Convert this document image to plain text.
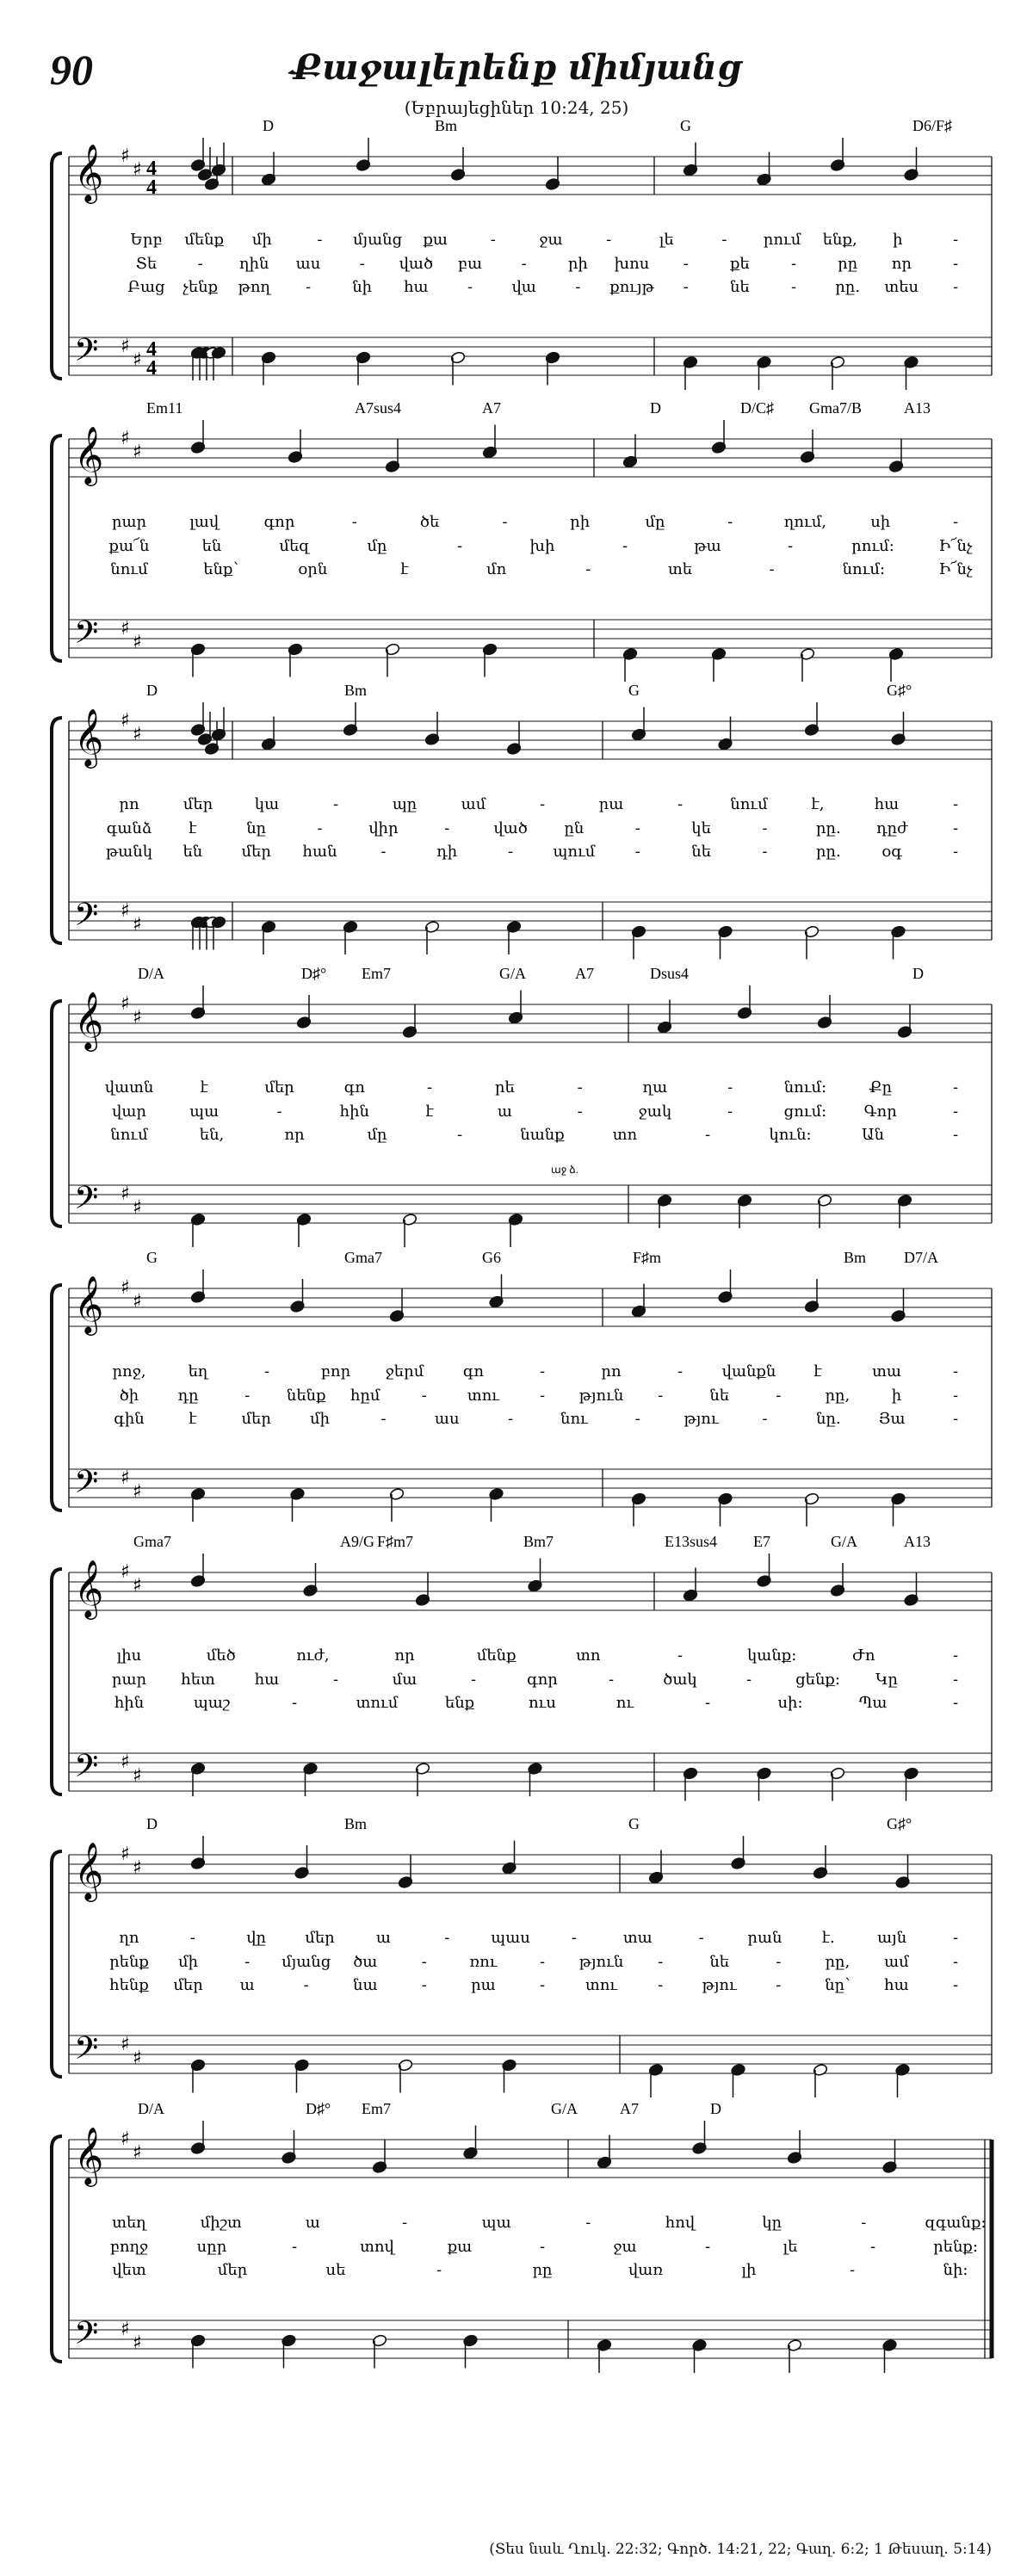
90	Քաջալերենք միմյանց
(Եբրայեցիներ 10:24, 25)
𝄞
𝄢
♯
♯
♯
♯
4
4
4
4
D	Bm	G	D6/F♯
Երբ մենք մի	- մյանց քա	-	ջա	-	լե	- րում ենք, ի	-
Տե	- ղին աս	- ված բա	-	րի խոս -	քե	-	րը որ	-
Բաց չենք թող -	նի հա	-	վա	- քույթ -	նե	-	րը. տես -
𝄞
𝄢
♯
♯
♯
♯
Em11	A7sus4	A7	D	D/C♯ Gma7/B	A13
րար	լավ	գոր	-	ծե	-	րի	մը	-	ղում,	սի	-
քա՜ն	են	մեզ	մը	-	խի	-	թա	-	րում:	Ի՜նչ
նում	ենք՝	օրն	է	մո	-	տե	-	նում:	Ի՜նչ
𝄞
𝄢
♯
♯
♯
♯
D	Bm	G	G♯°
րո	մեր	կա	-	պը	ամ	-	րա	-	նում	է,	հա	-
գանձ է	նը	-	վիր	-	ված ըն	-	կե	-	րը. դըժ	-
թանկ են	մեր հան	-	դի	-	պում	-	նե	-	րը.	օգ	-
𝄞
𝄢
♯
♯
♯
♯
D/A	D♯° Em7	G/A	A7	Dsus4	D
աջ ձ.
վատն	է	մեր	գո	-	րե	-	ղա	-	նում:	Քը	-
վար	պա	-	հին	է	ա	-	ջակ	-	ցում: Գոր	-
նում	են,	որ	մը	-	նանք	տո	-	կուն:	Ան	-
𝄞
𝄢
♯
♯
♯
♯
G	Gma7	G6	F♯m	Bm D7/A
րոջ,	եղ	-	բոր ջերմ	գո	-	րո	-	վանքն է	տա	-
ծի	դը	- նենք հըմ	-	տու	- թյուն -	նե	-	րը,	ի	-
գին	է	մեր	մի	-	աս	-	նու	-	թյու	-	նը. Յա	-
𝄞
𝄢
♯
♯
♯
♯
Gma7	A9/G F♯m7	Bm7	E13sus4 E7	G/A	A13
լիս	մեծ	ուժ,	որ	մենք	տո	-	կանք:	Ժո	-
րար հետ	հա	-	մա	-	գոր	-	ծակ	-	ցենք: Կը	-
հին	պաշ	-	տում	ենք	ուս	ու	-	սի:	Պա	-
𝄞
𝄢
♯
♯
♯
♯
D	Bm	G	G♯°
ղո	-	վը	մեր	ա	-	պաս	-	տա	-	րան	է.	այն	-
րենք մի	- մյանց ծա	-	ռու	- թյուն -	նե	-	րը, ամ	-
հենք մեր ա	-	նա	-	րա	-	տու	-	թյու	-	նը՝ հա	-
𝄞
𝄢
♯
♯
♯
♯
D/A	D♯° Em7	G/A	A7	D
տեղ	միշտ	ա	-	պա	-	հով	կը	-	զգանք:
բողջ	սըր	-	տով	քա	-	ջա	-	լե	-	րենք:
վետ	մեր	սե	-	րը	վառ	լի	-	նի:
(Տես նաև Ղուկ. 22:32; Գործ. 14:21, 22; Գաղ. 6:2; 1 Թեսաղ. 5:14)
